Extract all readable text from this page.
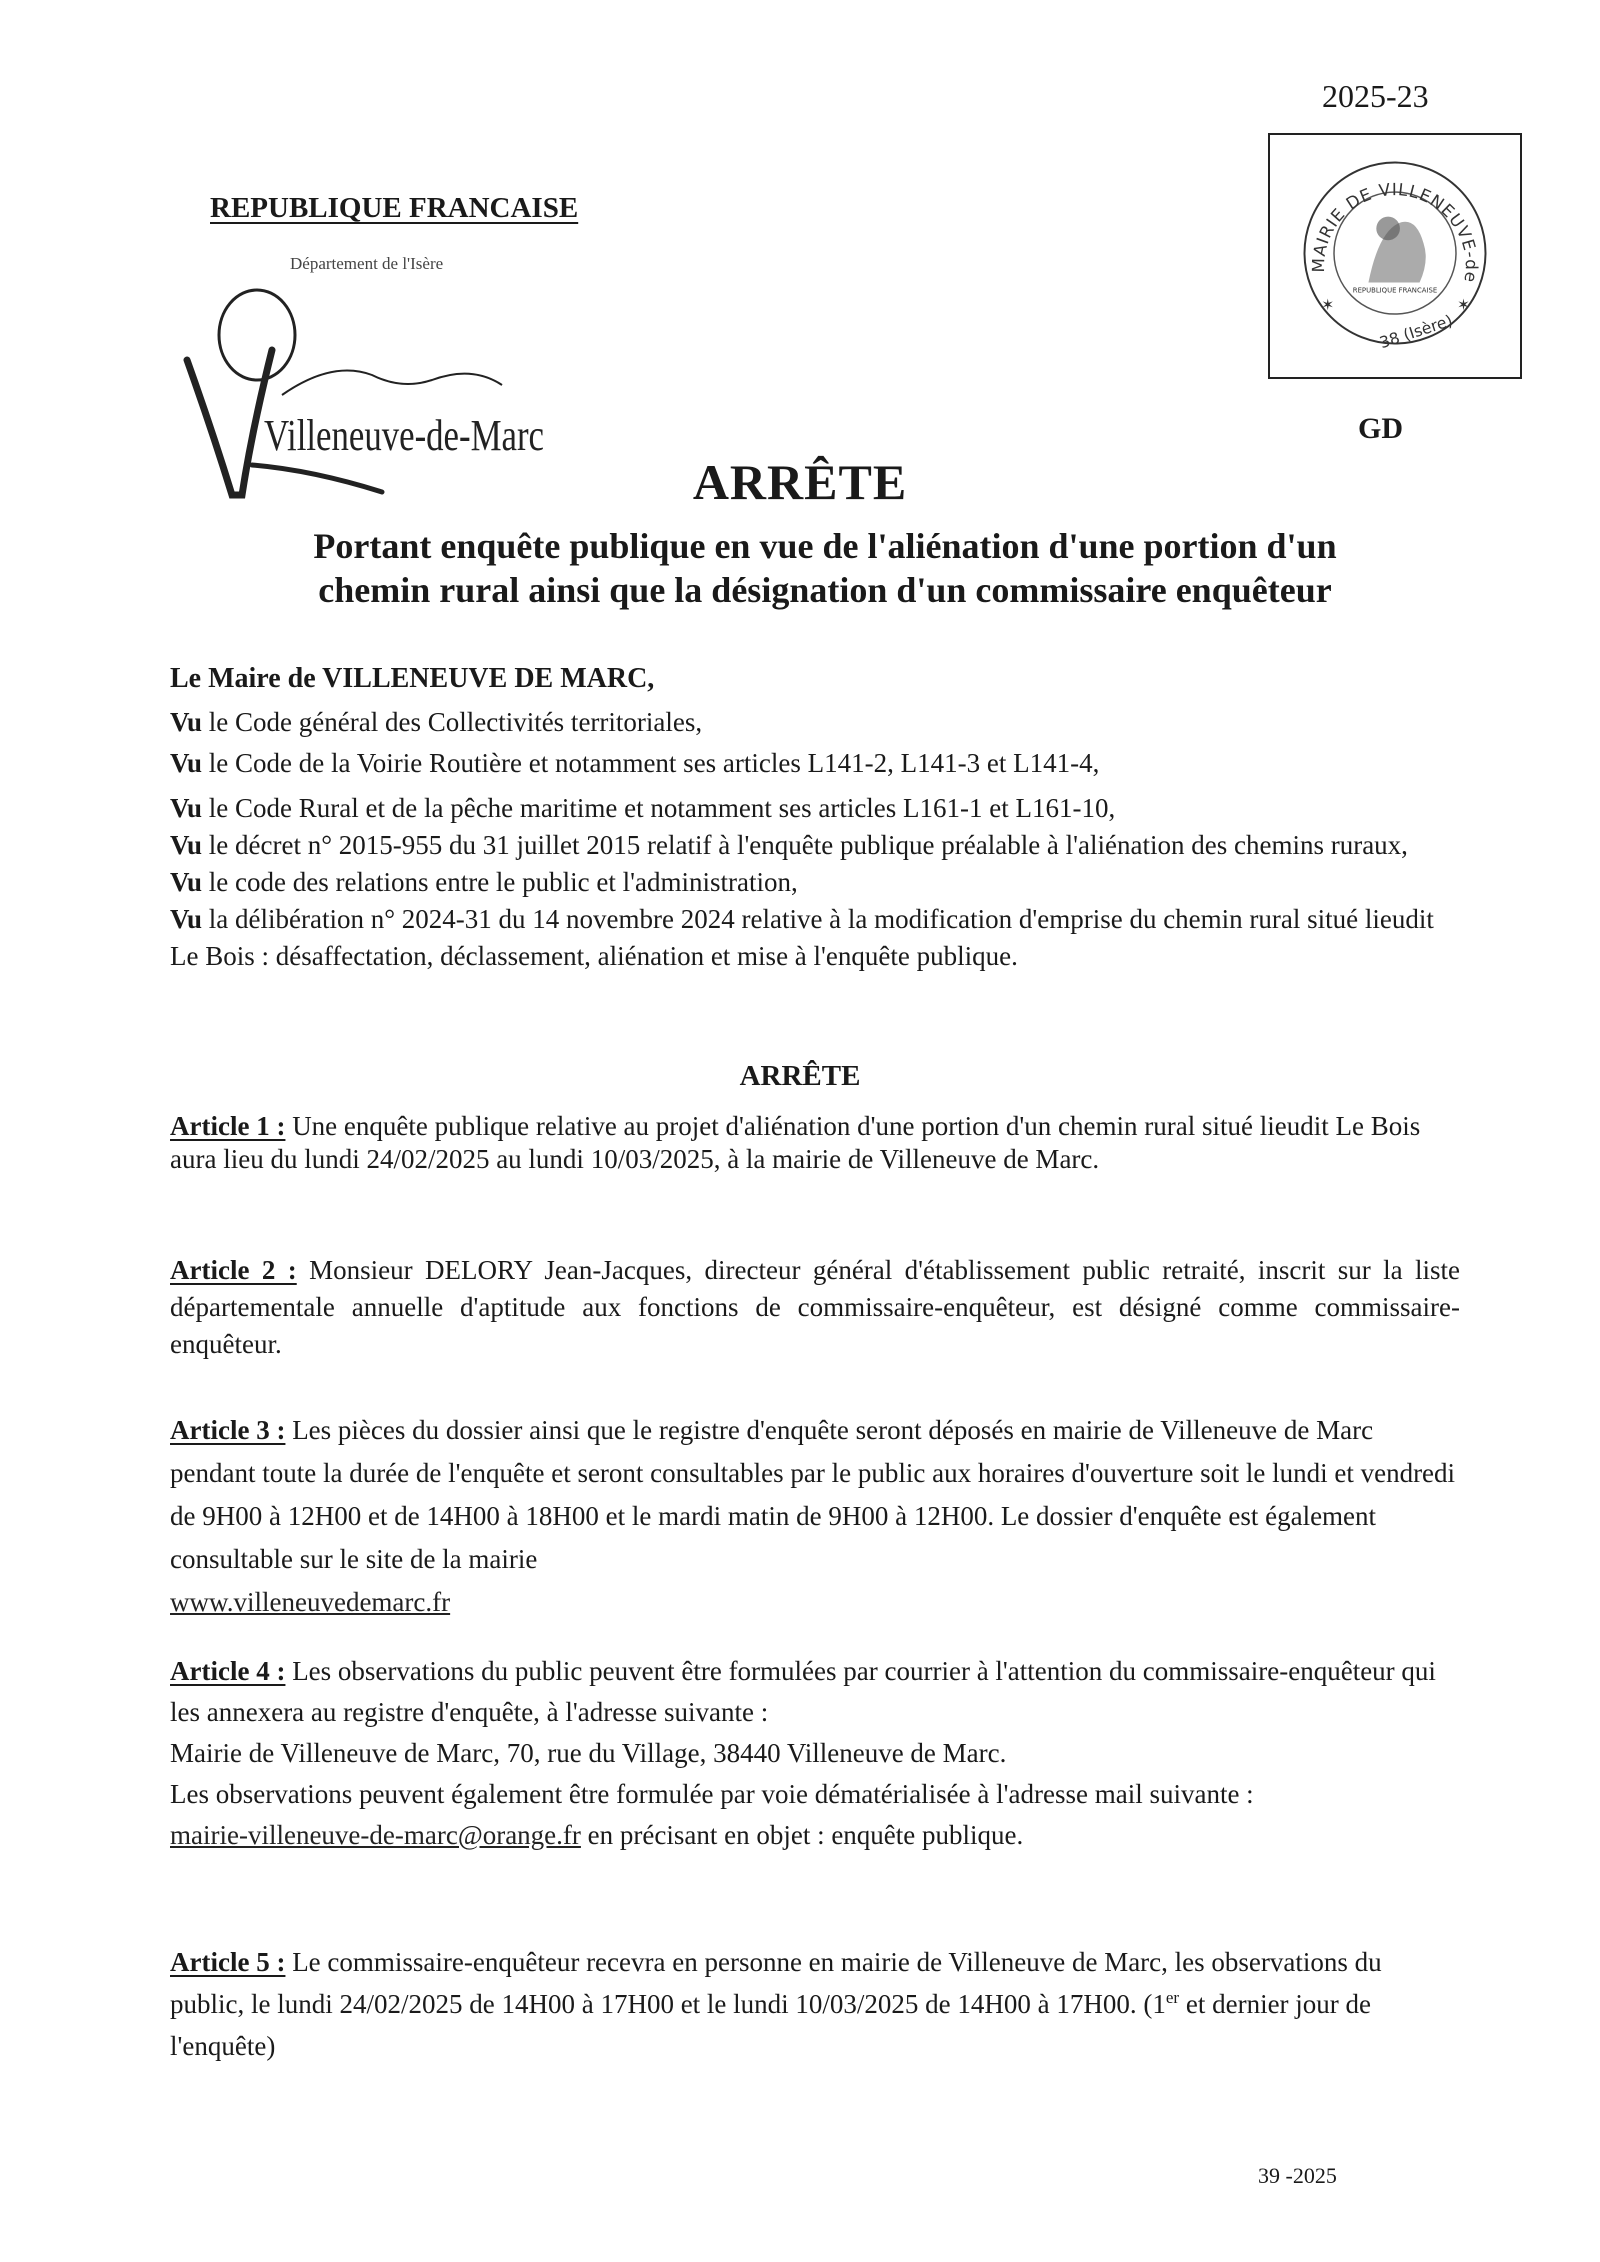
2025-23
MAIRIE DE VILLENEUVE-de
REPUBLIQUE FRANCAISE
38 (Isère)
✶	✶
REPUBLIQUE FRANCAISE
Département de l'Isère
Villeneuve-de-Marc	GD
ARRÊTE
Portant enquête publique en vue de l'aliénation d'une portion d'un
chemin rural ainsi que la désignation d'un commissaire enquêteur
Le Maire de VILLENEUVE DE MARC,

Vu le Code général des Collectivités territoriales,

Vu le Code de la Voirie Routière et notamment ses articles L141-2, L141-3 et L141-4,

Vu le Code Rural et de la pêche maritime et notamment ses articles L161-1 et L161-10,

Vu le décret n° 2015-955 du 31 juillet 2015 relatif à l'enquête publique préalable à l'aliénation des chemins ruraux,

Vu le code des relations entre le public et l'administration,

Vu la délibération n° 2024-31 du 14 novembre 2024 relative à la modification d'emprise du chemin rural situé lieudit Le Bois : désaffectation, déclassement, aliénation et mise à l'enquête publique.

ARRÊTE

Article 1 : Une enquête publique relative au projet d'aliénation d'une portion d'un chemin rural situé lieudit Le Bois aura lieu du lundi 24/02/2025 au lundi 10/03/2025, à la mairie de Villeneuve de Marc.

Article 2 : Monsieur DELORY Jean-Jacques, directeur général d'établissement public retraité, inscrit sur la liste départementale annuelle d'aptitude aux fonctions de commissaire-enquêteur, est désigné comme commissaire-enquêteur.

Article 3 : Les pièces du dossier ainsi que le registre d'enquête seront déposés en mairie de Villeneuve de Marc pendant toute la durée de l'enquête et seront consultables par le public aux horaires d'ouverture soit le lundi et vendredi de 9H00 à 12H00 et de 14H00 à 18H00 et le mardi matin de 9H00 à 12H00. Le dossier d'enquête est également consultable sur le site de la mairie
www.villeneuvedemarc.fr

Article 4 : Les observations du public peuvent être formulées par courrier à l'attention du commissaire-enquêteur qui les annexera au registre d'enquête, à l'adresse suivante :

Mairie de Villeneuve de Marc, 70, rue du Village, 38440 Villeneuve de Marc.

Les observations peuvent également être formulée par voie dématérialisée à l'adresse mail suivante :

mairie-villeneuve-de-marc@orange.fr en précisant en objet : enquête publique.

Article 5 : Le commissaire-enquêteur recevra en personne en mairie de Villeneuve de Marc, les observations du public, le lundi 24/02/2025 de 14H00 à 17H00 et le lundi 10/03/2025 de 14H00 à 17H00. (1er et dernier jour de l'enquête)

39 -2025
